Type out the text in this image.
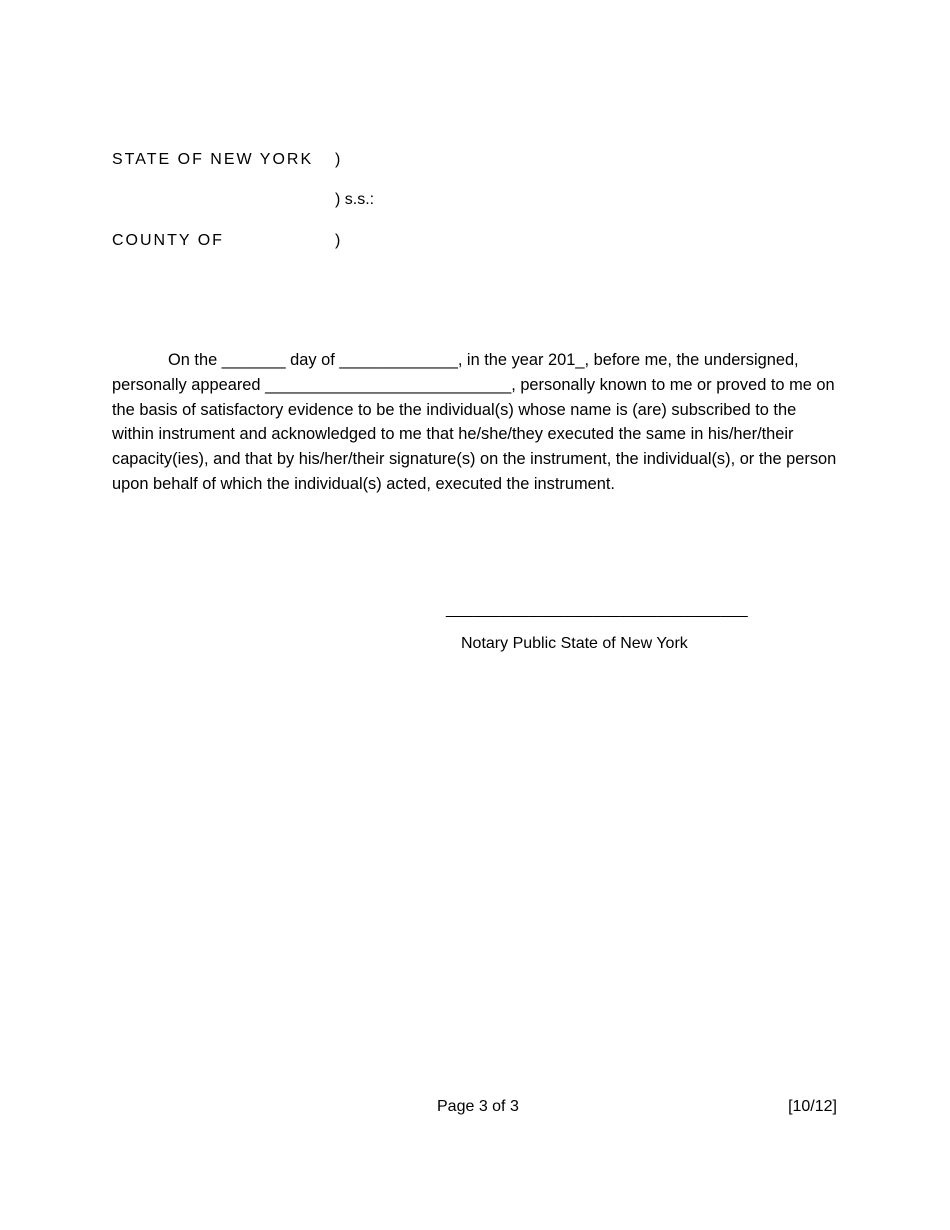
STATE OF NEW YORK )
) s.s.:
COUNTY OF	)
On the _______ day of _____________, in the year 201_, before me, the undersigned, personally appeared ___________________________, personally known to me or proved to me on the basis of satisfactory evidence to be the individual(s) whose name is (are) subscribed to the within instrument and acknowledged to me that he/she/they executed the same in his/her/their capacity(ies), and that by his/her/their signature(s) on the instrument, the individual(s), or the person upon behalf of which the individual(s) acted, executed the instrument.
_________________________________
Notary Public State of New York
Page 3 of 3	[10/12]
